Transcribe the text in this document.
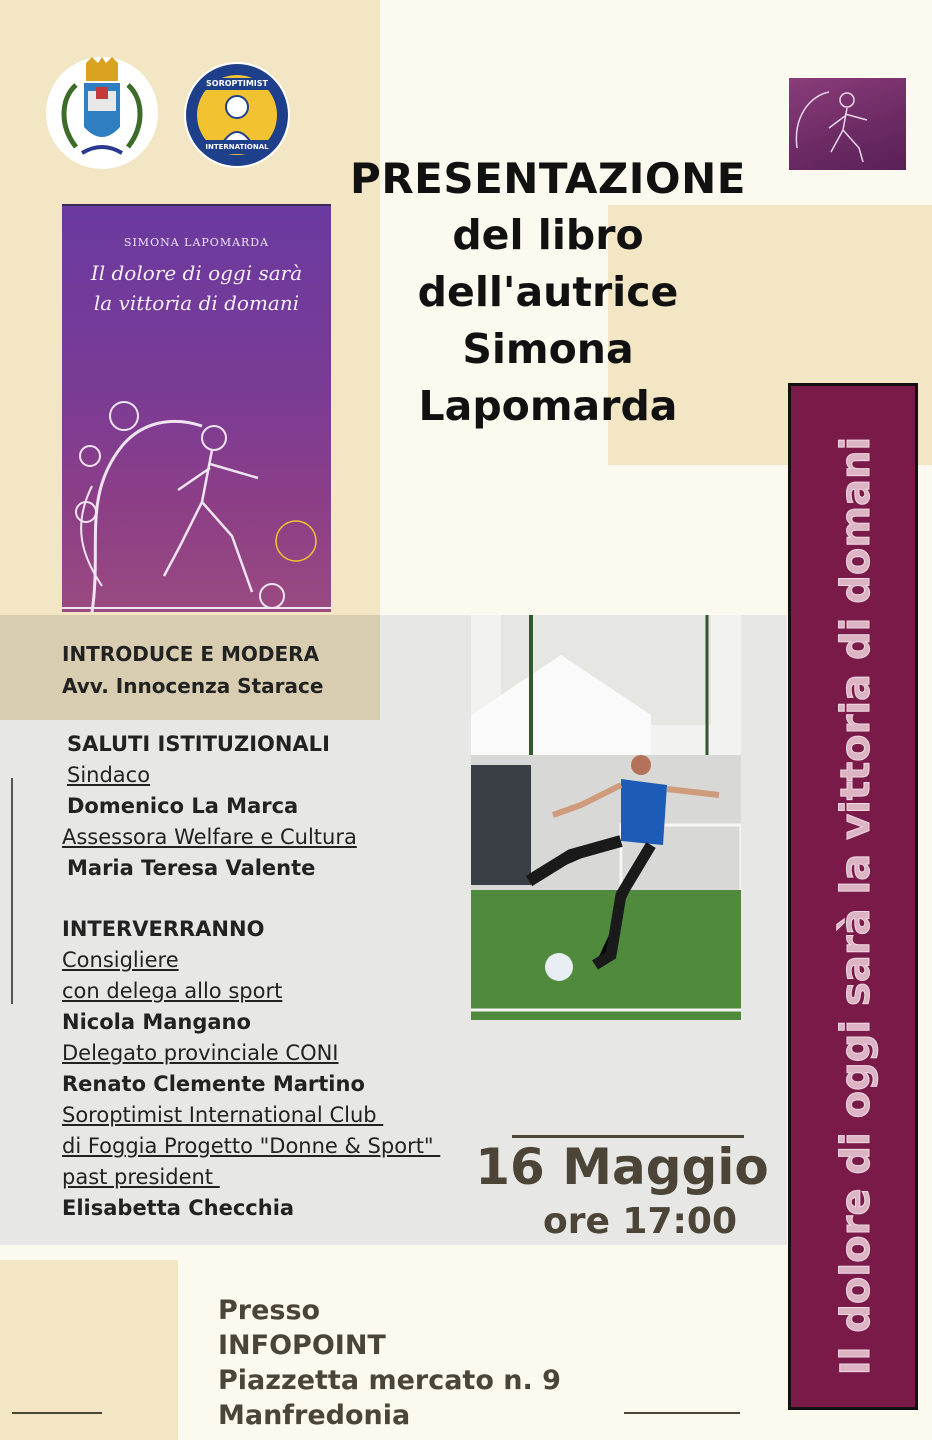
SOROPTIMIST
INTERNATIONAL
PRESENTAZIONE
del libro
dell'autrice
Simona
Lapomarda
SIMONA LAPOMARDA
Il dolore di oggi sarà
la vittoria di domani
Il dolore di oggi sarà la vittoria di domani
INTRODUCE E MODERA
Avv. Innocenza Starace
SALUTI ISTITUZIONALI
Sindaco
Domenico La Marca
Assessora Welfare e Cultura
Maria Teresa Valente
INTERVERRANNO
Consigliere
con delega allo sport
Nicola Mangano
Delegato provinciale CONI
Renato Clemente Martino
Soroptimist International Club
di Foggia Progetto "Donne & Sport"
past president
Elisabetta Checchia
16 Maggio
ore 17:00
Presso
INFOPOINT
Piazzetta mercato n. 9
Manfredonia
